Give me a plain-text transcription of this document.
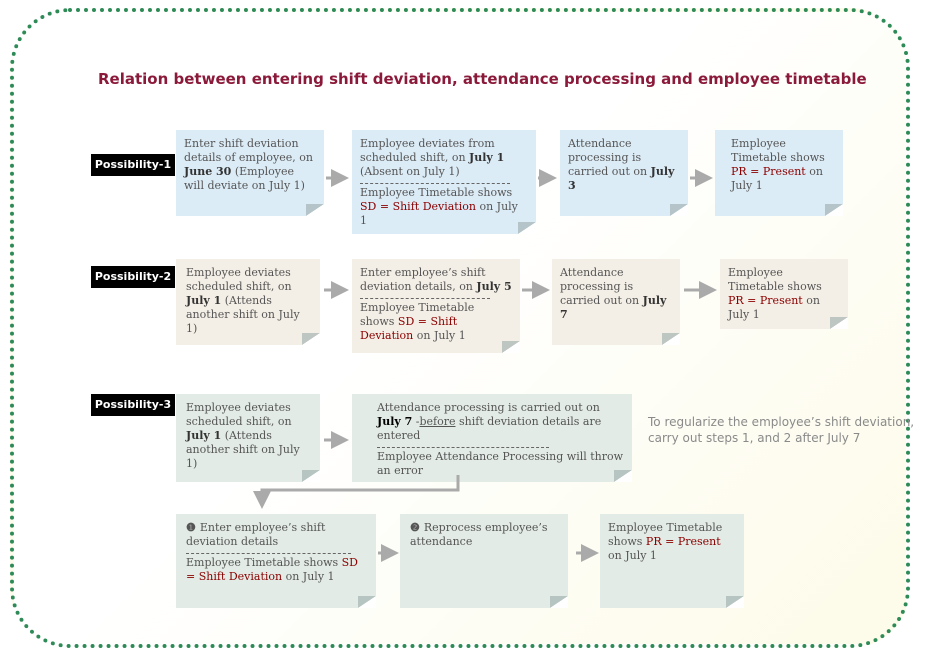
Relation between entering shift deviation, attendance processing and employee timetable
Possibility-1
Enter shift deviation details of employee, on June 30 (Employee will deviate on July 1)
Employee deviates from scheduled shift, on July 1 (Absent on July 1)
Employee Timetable shows SD = Shift Deviation on July 1
Attendance processing is carried out on July 3
Employee Timetable shows PR = Present on July 1
Possibility-2	Employee deviates scheduled shift, on July 1 (Attends another shift on July 1)
Enter employee’s shift deviation details, on July 5
Employee Timetable shows SD = Shift Deviation on July 1
Attendance processing is carried out on July 7
Employee Timetable shows PR = Present on July 1
Possibility-3	Employee deviates scheduled shift, on July 1 (Attends another shift on July 1)
Attendance processing is carried out on July 7 -before shift deviation details are entered
Employee Attendance Processing will throw an error
To regularize the employee’s shift deviation, carry out steps 1, and 2 after July 7
❶ Enter employee’s shift deviation details
Employee Timetable shows SD = Shift Deviation on July 1
❷ Reprocess employee’s attendance
Employee Timetable shows PR = Present on July 1
